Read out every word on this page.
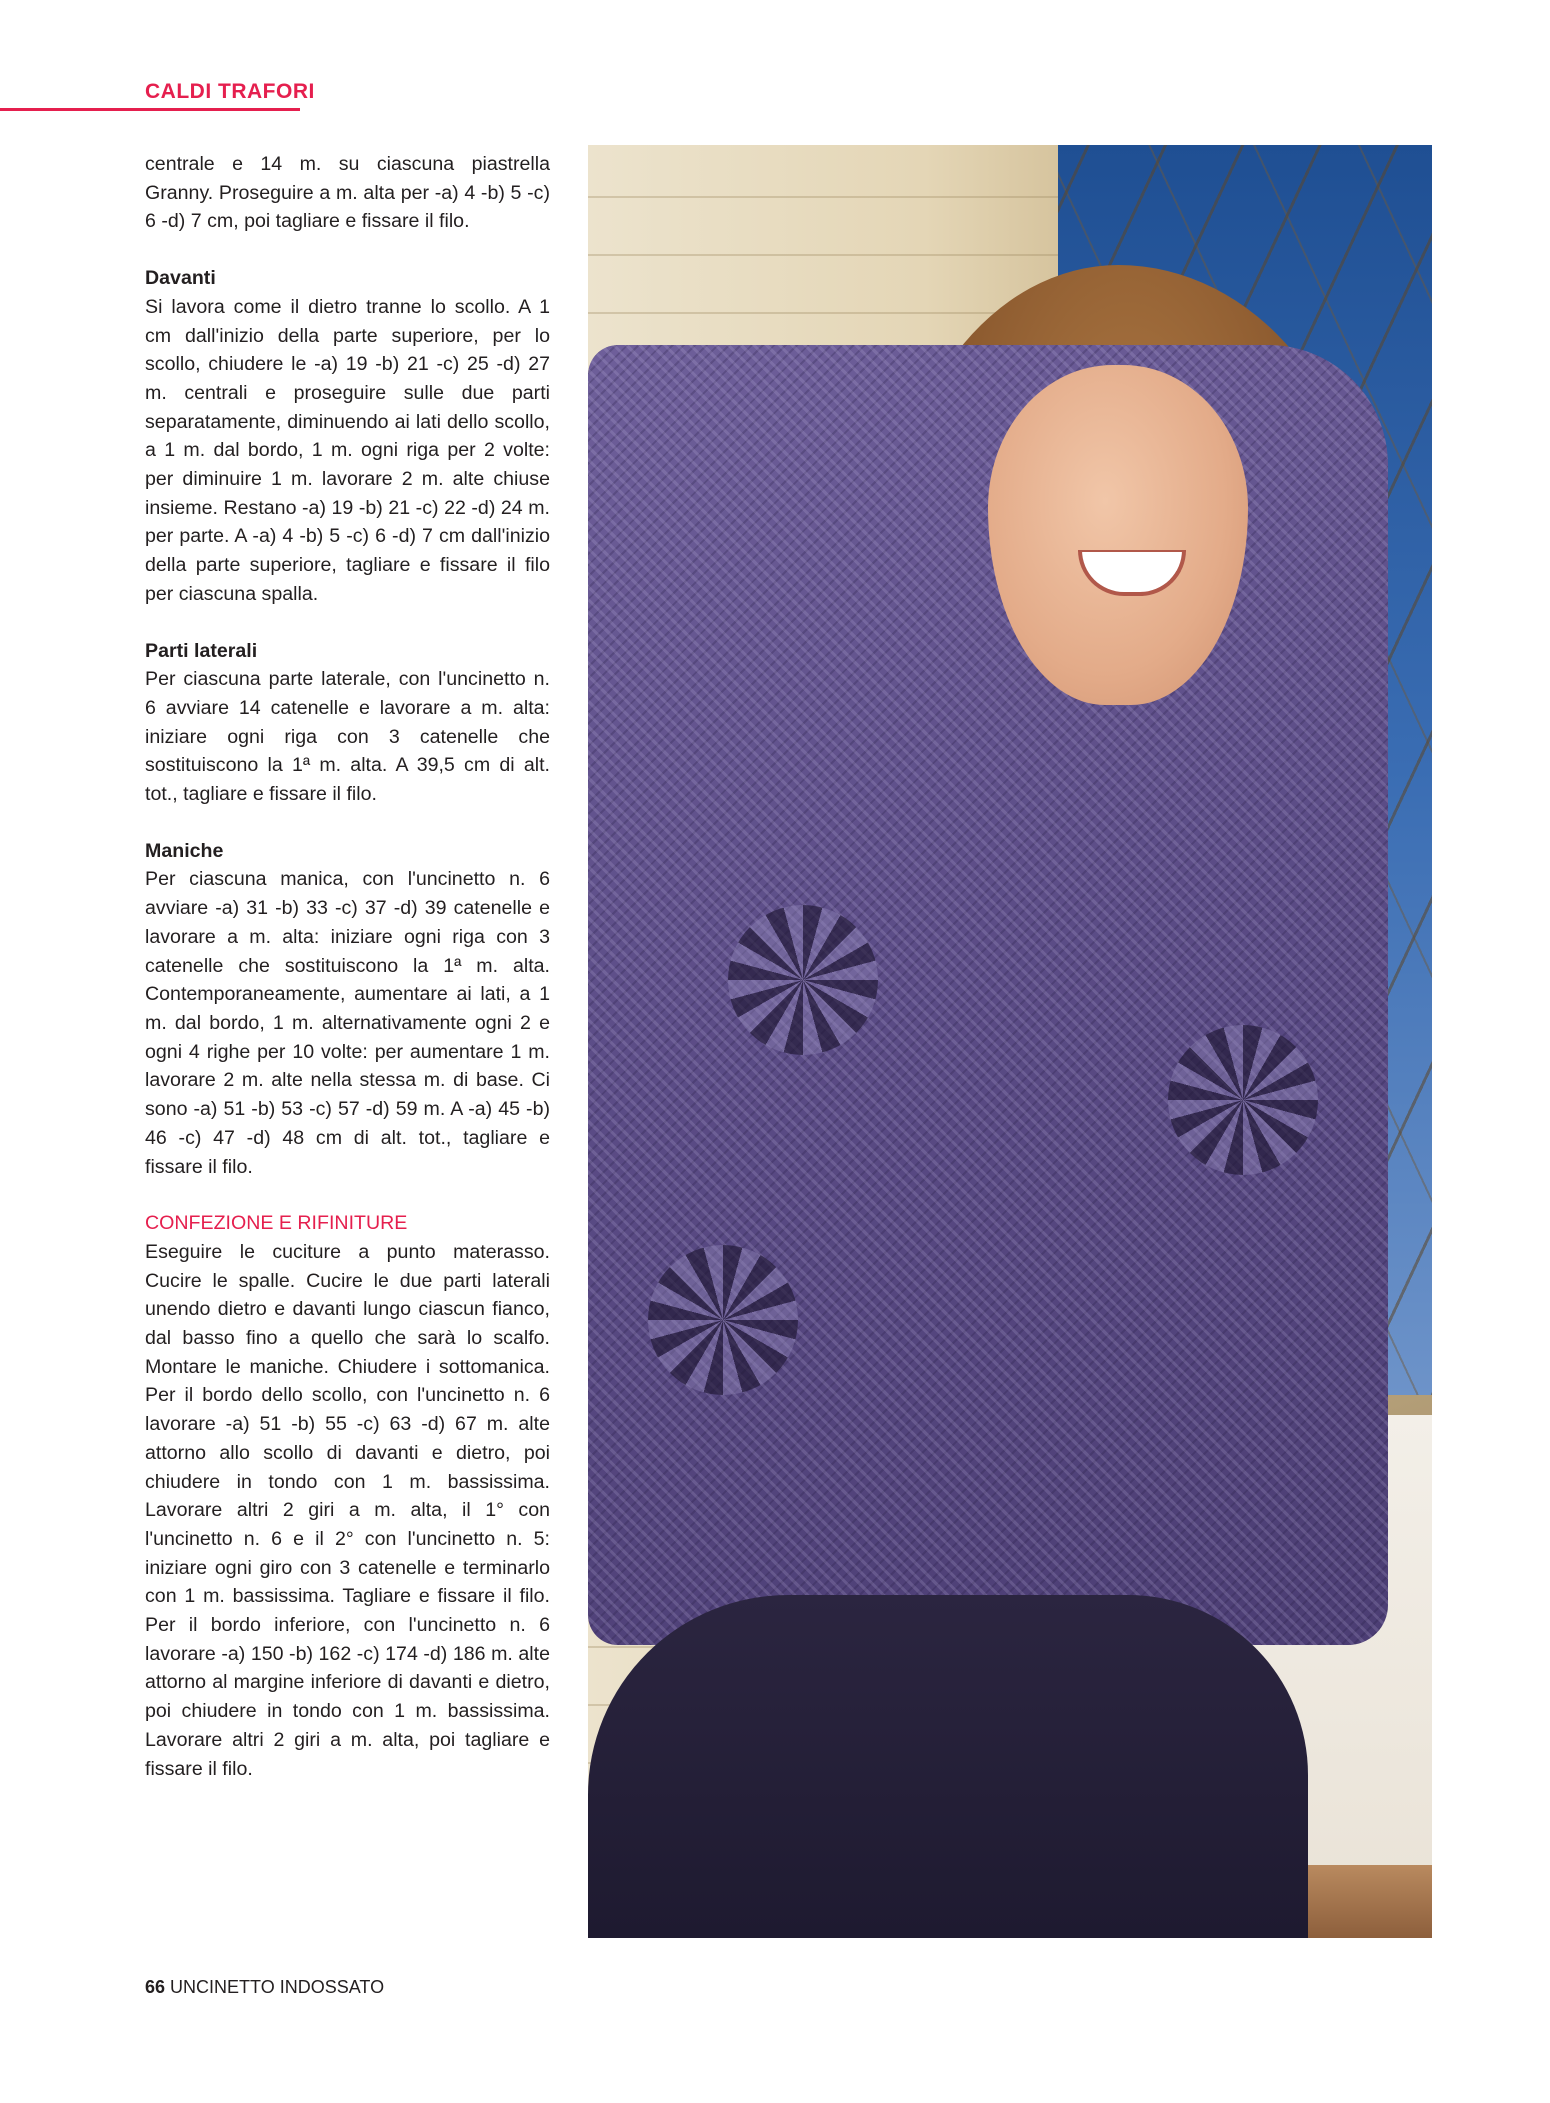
CALDI TRAFORI

centrale e 14 m. su ciascuna piastrella Granny. Proseguire a m. alta per -a) 4 -b) 5 -c) 6 -d) 7 cm, poi tagliare e fissare il filo.

Davanti

Si lavora come il dietro tranne lo scollo. A 1 cm dall'inizio della parte superiore, per lo scollo, chiudere le -a) 19 -b) 21 -c) 25 -d) 27 m. centrali e proseguire sulle due parti separatamente, diminuendo ai lati dello scollo, a 1 m. dal bordo, 1 m. ogni riga per 2 volte: per diminuire 1 m. lavorare 2 m. alte chiuse insieme. Restano -a) 19 -b) 21 -c) 22 -d) 24 m. per parte. A -a) 4 -b) 5 -c) 6 -d) 7 cm dall'inizio della parte superiore, tagliare e fissare il filo per ciascuna spalla.

Parti laterali

Per ciascuna parte laterale, con l'uncinetto n. 6 avviare 14 catenelle e lavorare a m. alta: iniziare ogni riga con 3 catenelle che sostituiscono la 1ª m. alta. A 39,5 cm di alt. tot., tagliare e fissare il filo.

Maniche

Per ciascuna manica, con l'uncinetto n. 6 avviare -a) 31 -b) 33 -c) 37 -d) 39 catenelle e lavorare a m. alta: iniziare ogni riga con 3 catenelle che sostituiscono la 1ª m. alta. Contemporaneamente, aumentare ai lati, a 1 m. dal bordo, 1 m. alternativamente ogni 2 e ogni 4 righe per 10 volte: per aumentare 1 m. lavorare 2 m. alte nella stessa m. di base. Ci sono -a) 51 -b) 53 -c) 57 -d) 59 m. A -a) 45 -b) 46 -c) 47 -d) 48 cm di alt. tot., tagliare e fissare il filo.

CONFEZIONE E RIFINITURE

Eseguire le cuciture a punto materasso. Cucire le spalle. Cucire le due parti laterali unendo dietro e davanti lungo ciascun fianco, dal basso fino a quello che sarà lo scalfo. Montare le maniche. Chiudere i sottomanica. Per il bordo dello scollo, con l'uncinetto n. 6 lavorare -a) 51 -b) 55 -c) 63 -d) 67 m. alte attorno allo scollo di davanti e dietro, poi chiudere in tondo con 1 m. bassissima. Lavorare altri 2 giri a m. alta, il 1° con l'uncinetto n. 6 e il 2° con l'uncinetto n. 5: iniziare ogni giro con 3 catenelle e terminarlo con 1 m. bassissima. Tagliare e fissare il filo. Per il bordo inferiore, con l'uncinetto n. 6 lavorare -a) 150 -b) 162 -c) 174 -d) 186 m. alte attorno al margine inferiore di davanti e dietro, poi chiudere in tondo con 1 m. bassissima. Lavorare altri 2 giri a m. alta, poi tagliare e fissare il filo.

66 UNCINETTO INDOSSATO
